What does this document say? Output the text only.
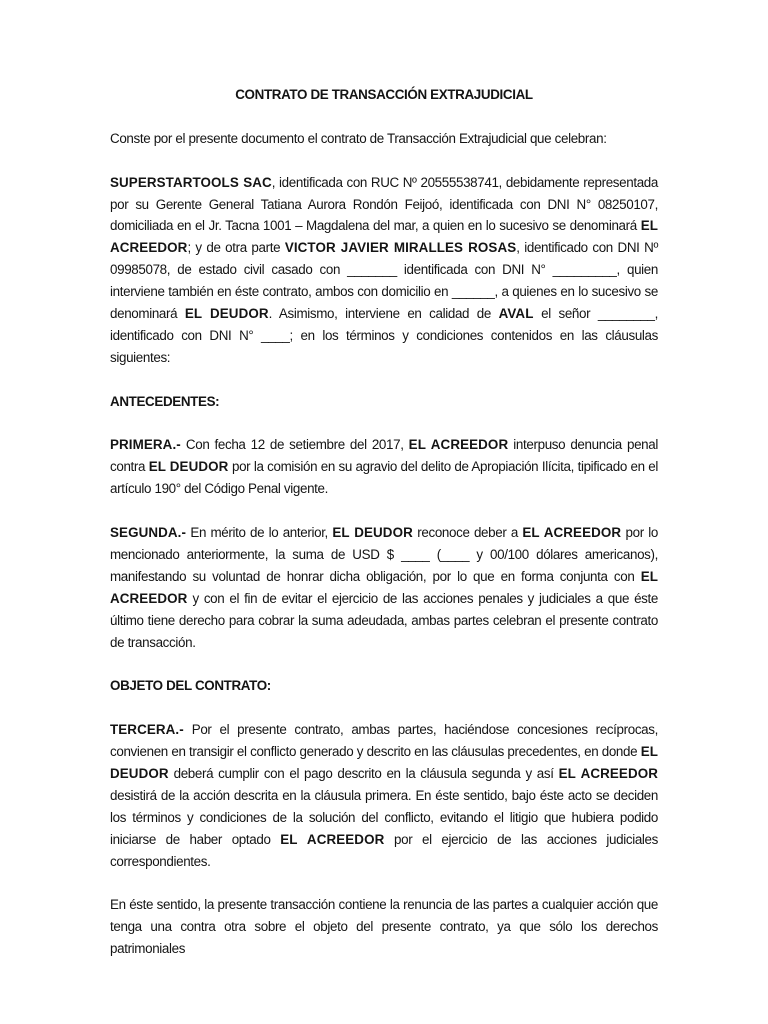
CONTRATO DE TRANSACCIÓN EXTRAJUDICIAL

Conste por el presente documento el contrato de Transacción Extrajudicial que celebran:

SUPERSTARTOOLS SAC, identificada con RUC Nº 20555538741, debidamente representada por su Gerente General Tatiana Aurora Rondón Feijoó, identificada con DNI N° 08250107, domiciliada en el Jr. Tacna 1001 – Magdalena del mar, a quien en lo sucesivo se denominará EL ACREEDOR; y de otra parte VICTOR JAVIER MIRALLES ROSAS, identificado con DNI Nº 09985078, de estado civil casado con _______ identificada con DNI N° _________, quien interviene también en éste contrato, ambos con domicilio en ______, a quienes en lo sucesivo se denominará EL DEUDOR. Asimismo, interviene en calidad de AVAL el señor ________, identificado con DNI N° ____; en los términos y condiciones contenidos en las cláusulas siguientes:

ANTECEDENTES:

PRIMERA.- Con fecha 12 de setiembre del 2017, EL ACREEDOR interpuso denuncia penal contra EL DEUDOR por la comisión en su agravio del delito de Apropiación Ilícita, tipificado en el artículo 190° del Código Penal vigente.

SEGUNDA.- En mérito de lo anterior, EL DEUDOR reconoce deber a EL ACREEDOR por lo mencionado anteriormente, la suma de USD $ ____ (____ y 00/100 dólares americanos), manifestando su voluntad de honrar dicha obligación, por lo que en forma conjunta con EL ACREEDOR y con el fin de evitar el ejercicio de las acciones penales y judiciales a que éste último tiene derecho para cobrar la suma adeudada, ambas partes celebran el presente contrato de transacción.

OBJETO DEL CONTRATO:

TERCERA.- Por el presente contrato, ambas partes, haciéndose concesiones recíprocas, convienen en transigir el conflicto generado y descrito en las cláusulas precedentes, en donde EL DEUDOR deberá cumplir con el pago descrito en la cláusula segunda y así EL ACREEDOR desistirá de la acción descrita en la cláusula primera. En éste sentido, bajo éste acto se deciden los términos y condiciones de la solución del conflicto, evitando el litigio que hubiera podido iniciarse de haber optado EL ACREEDOR por el ejercicio de las acciones judiciales correspondientes.

En éste sentido, la presente transacción contiene la renuncia de las partes a cualquier acción que tenga una contra otra sobre el objeto del presente contrato, ya que sólo los derechos patrimoniales
